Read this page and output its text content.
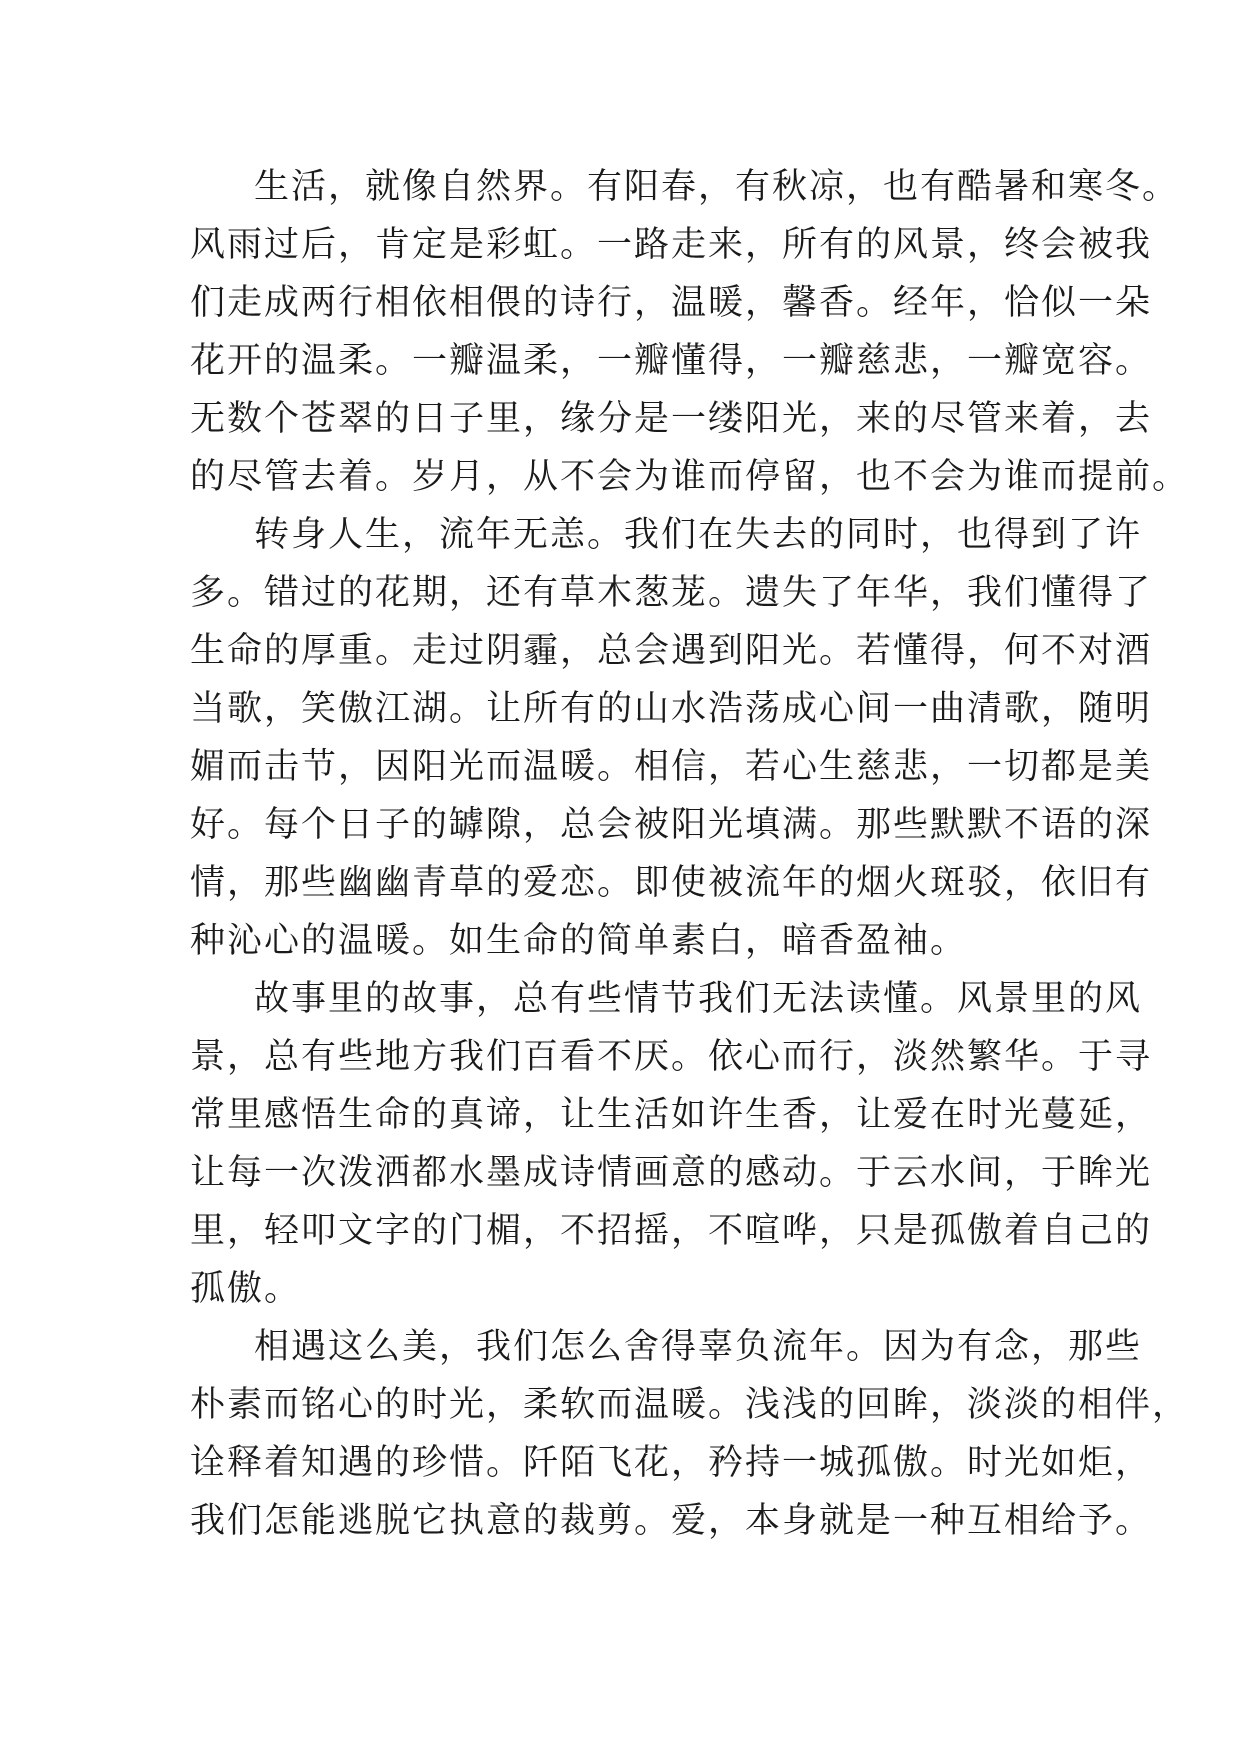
生活，就像自然界。有阳春，有秋凉，也有酷暑和寒冬。
风雨过后，肯定是彩虹。一路走来，所有的风景，终会被我
们走成两行相依相偎的诗行，温暖，馨香。经年，恰似一朵
花开的温柔。一瓣温柔，一瓣懂得，一瓣慈悲，一瓣宽容。
无数个苍翠的日子里，缘分是一缕阳光，来的尽管来着，去
的尽管去着。岁月，从不会为谁而停留，也不会为谁而提前。

转身人生，流年无恙。我们在失去的同时，也得到了许
多。错过的花期，还有草木葱茏。遗失了年华，我们懂得了
生命的厚重。走过阴霾，总会遇到阳光。若懂得，何不对酒
当歌，笑傲江湖。让所有的山水浩荡成心间一曲清歌，随明
媚而击节，因阳光而温暖。相信，若心生慈悲，一切都是美
好。每个日子的罅隙，总会被阳光填满。那些默默不语的深
情，那些幽幽青草的爱恋。即使被流年的烟火斑驳，依旧有
种沁心的温暖。如生命的简单素白，暗香盈袖。

故事里的故事，总有些情节我们无法读懂。风景里的风
景，总有些地方我们百看不厌。依心而行，淡然繁华。于寻
常里感悟生命的真谛，让生活如许生香，让爱在时光蔓延，
让每一次泼洒都水墨成诗情画意的感动。于云水间，于眸光
里，轻叩文字的门楣，不招摇，不喧哗，只是孤傲着自己的
孤傲。

相遇这么美，我们怎么舍得辜负流年。因为有念，那些
朴素而铭心的时光，柔软而温暖。浅浅的回眸，淡淡的相伴，
诠释着知遇的珍惜。阡陌飞花，矜持一城孤傲。时光如炬，
我们怎能逃脱它执意的裁剪。爱，本身就是一种互相给予。
